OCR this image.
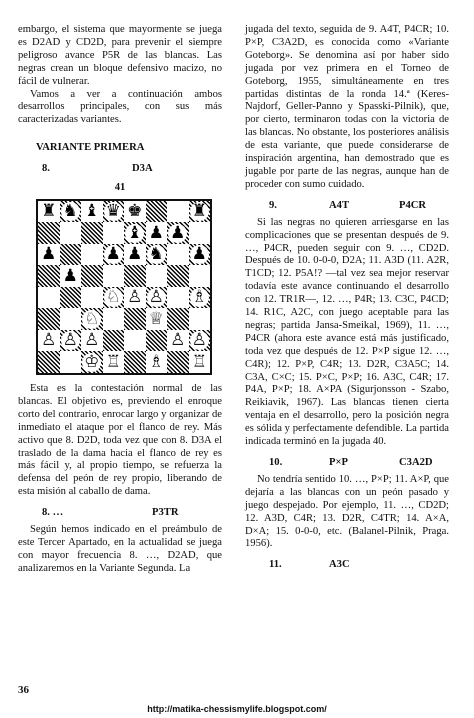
embargo, el sistema que mayormente se juega es D2AD y CD2D, para prevenir el siempre peligroso avance P5R de las blancas. Las negras crean un bloque defensivo macizo, no fácil de vulnerar.

Vamos a ver a continuación ambos desarrollos principales, con sus más caracterizadas variantes.

VARIANTE PRIMERA
8.	D3A
41
♜ ♞ ♝ ♛ ♚	♜
♝ ♟ ♟
♟	♟ ♟ ♞ ♟
♟
♘ ♙ ♙ ♗
♘	♕
♙ ♙ ♙	♙ ♙
♔ ♖ ♗ ♖

Esta es la contestación normal de las blancas. El objetivo es, previendo el enroque corto del contrario, enrocar largo y organizar de inmediato el ataque por el flanco de rey. Más activo que 8. D2D, toda vez que con 8. D3A el traslado de la dama hacia el flanco de rey es más fácil y, al propio tiempo, se refuerza la defensa del peón de rey propio, liberando de esta misión al caballo de dama.

8. …	P3TR

Según hemos indicado en el preámbulo de este Tercer Apartado, en la actualidad se juega con mayor frecuencia 8. …, D2AD, que analizaremos en la Variante Segunda. La

jugada del texto, seguida de 9. A4T, P4CR; 10. P×P, C3A2D, es conocida como «Variante Goteborg». Se denomina así por haber sido jugada por vez primera en el Torneo de Goteborg, 1955, simultáneamente en tres partidas distintas de la ronda 14.ª (Keres-Najdorf, Geller-Panno y Spasski-Pilnik), que, por cierto, terminaron todas con la victoria de las blancas. No obstante, los posteriores análisis de esta variante, que puede considerarse de inspiración argentina, han demostrado que es jugable por parte de las negras, aunque han de proceder con sumo cuidado.

9.	A4T	P4CR

Si las negras no quieren arriesgarse en las complicaciones que se presentan después de 9. …, P4CR, pueden seguir con 9. …, CD2D. Después de 10. 0-0-0, D2A; 11. A3D (11. A2R, T1CD; 12. P5A!? —tal vez sea mejor reservar todavía este avance continuando el desarrollo con 12. TR1R—, 12. …, P4R; 13. C3C, P4CD; 14. R1C, A2C, con juego aceptable para las negras; partida Jansa-Smeikal, 1969), 11. …, P4CR (ahora este avance está más justificado, toda vez que después de 12. P×P sigue 12. …, C4R); 12. P×P, C4R; 13. D2R, C3A5C; 14. C3A, C×C; 15. P×C, P×P; 16. A3C, C4R; 17. P4A, P×P; 18. A×PA (Sigurjonsson - Szabo, Reikiavik, 1967). Las blancas tienen cierta ventaja en el desarrollo, pero la posición negra es sólida y perfectamente defendible. La partida indicada terminó en la jugada 40.

10.	P×P	C3A2D

No tendría sentido 10. …, P×P; 11. A×P, que dejaría a las blancas con un peón pasado y juego despejado. Por ejemplo, 11. …, CD2D; 12. A3D, C4R; 13. D2R, C4TR; 14. A×A, D×A; 15. 0-0-0, etc. (Balanel-Pilnik, Praga. 1956).

11.	A3C
36
http://matika-chessismylife.blogspot.com/
